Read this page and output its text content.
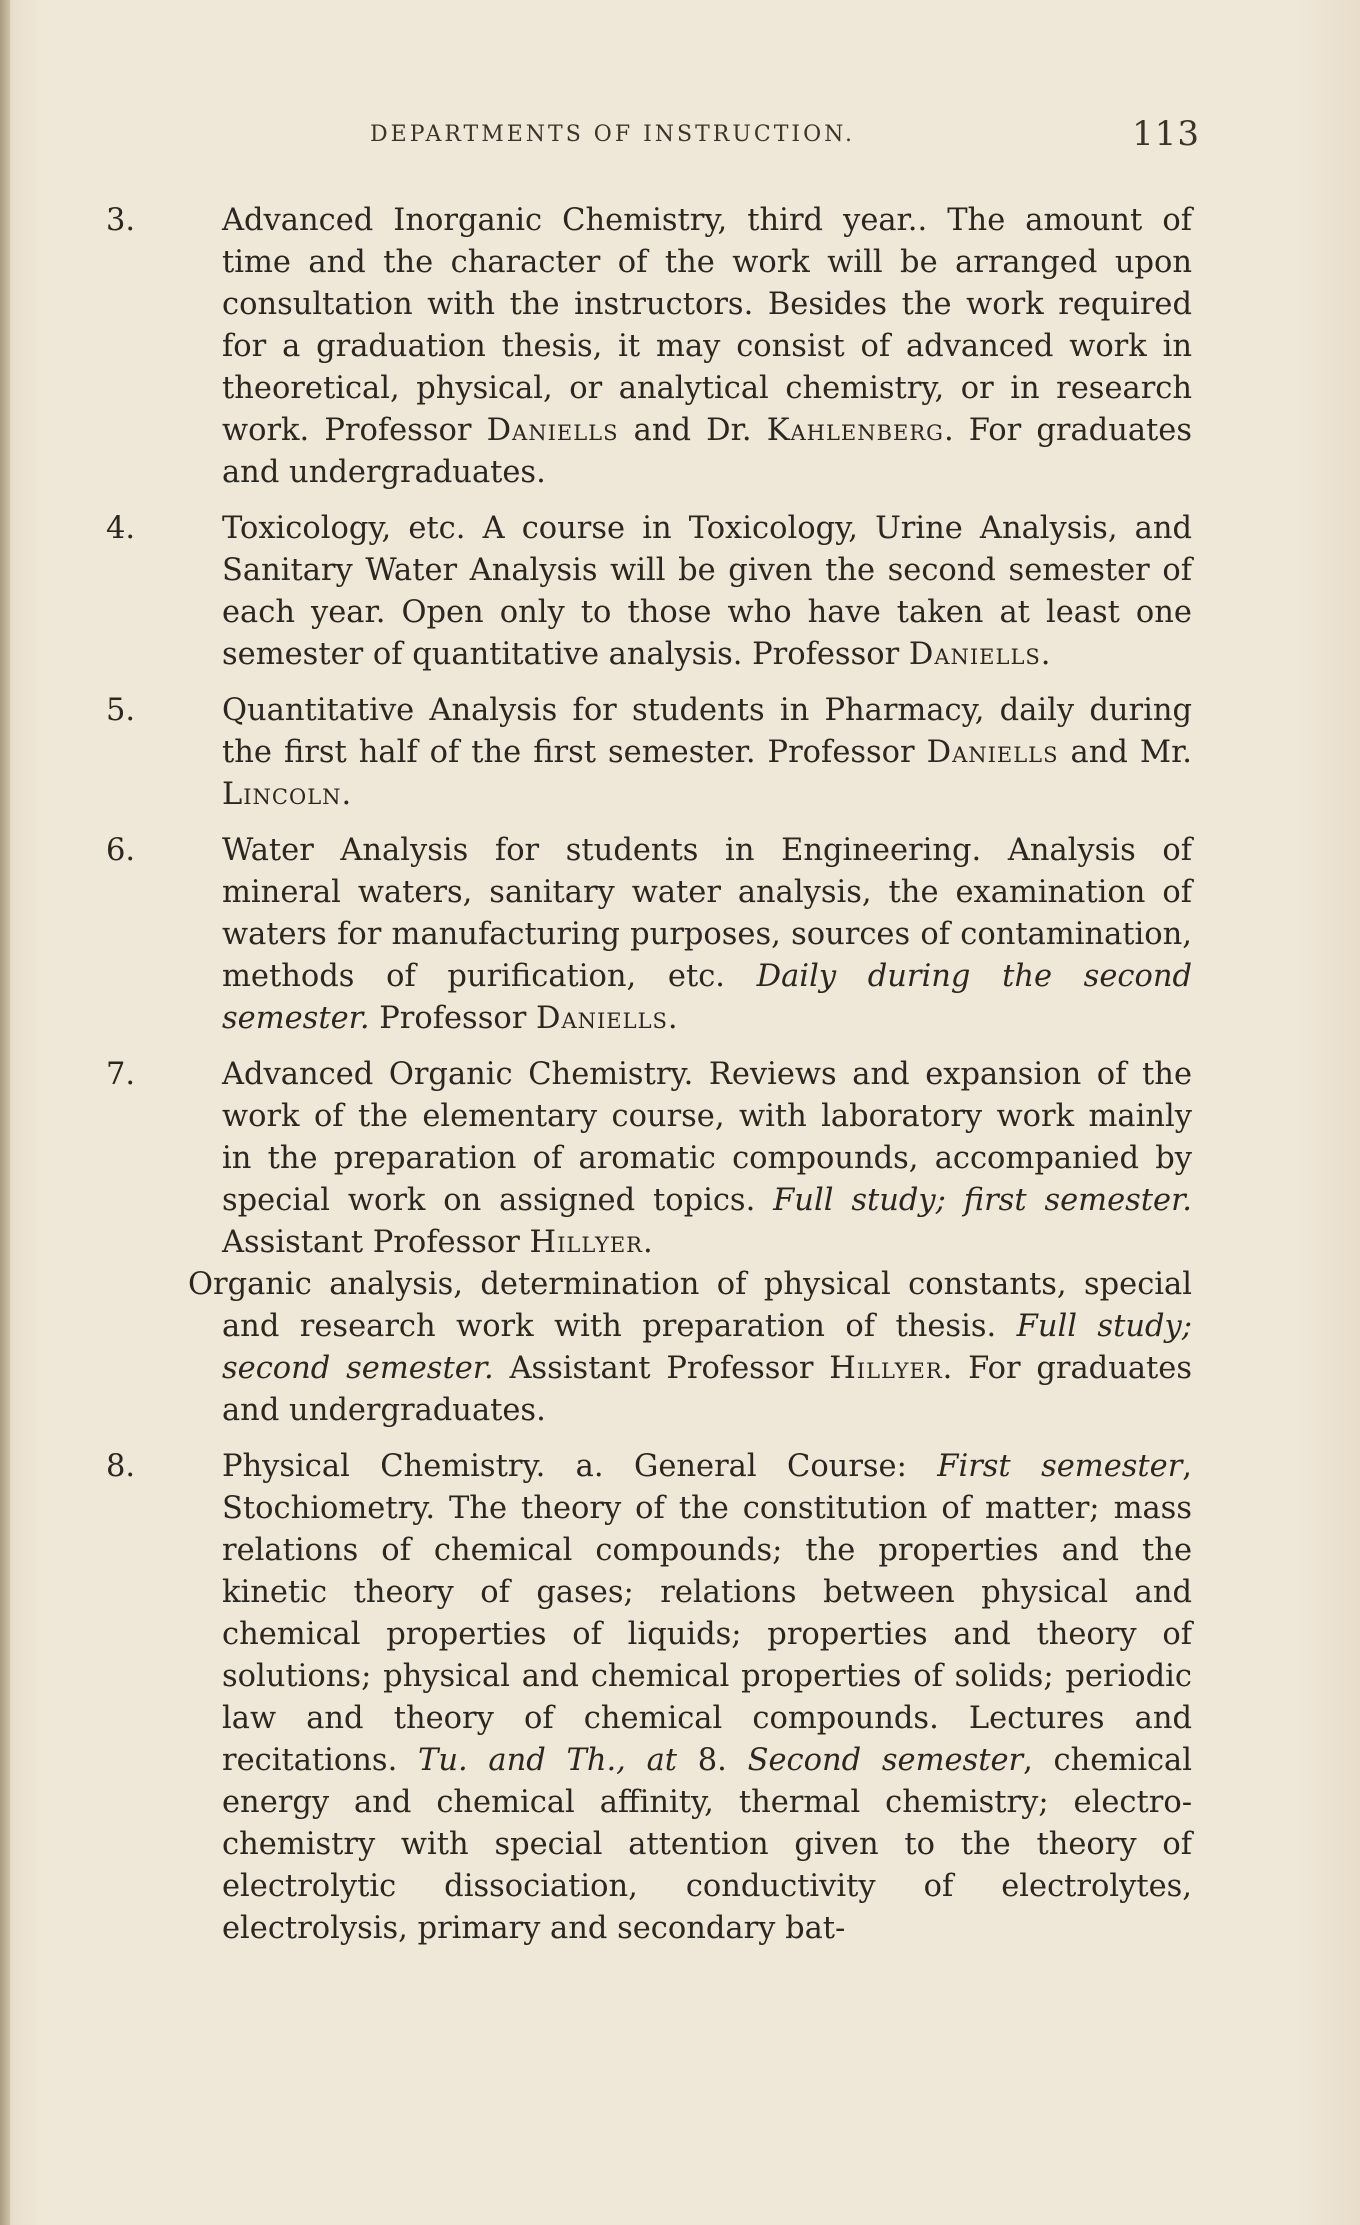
DEPARTMENTS OF INSTRUCTION.	113
3.	Advanced Inorganic Chemistry, third year.. The amount of time and the character of the work will be arranged upon consultation with the instructors. Besides the work required for a graduation thesis, it may consist of advanced work in theoretical, physical, or analytical chemistry, or in research work. Professor Daniells and Dr. Kahlenberg. For graduates and undergraduates.

4.	Toxicology, etc. A course in Toxicology, Urine Analysis, and Sanitary Water Analysis will be given the second semester of each year. Open only to those who have taken at least one semester of quantitative analysis. Professor Daniells.

5.	Quantitative Analysis for students in Pharmacy, daily during the first half of the first semester. Professor Daniells and Mr. Lincoln.

6.	Water Analysis for students in Engineering. Analysis of mineral waters, sanitary water analysis, the examination of waters for manufacturing purposes, sources of contamination, methods of purification, etc. Daily during the second semester. Professor Daniells.

7.	Advanced Organic Chemistry. Reviews and expansion of the work of the elementary course, with laboratory work mainly in the preparation of aromatic compounds, accompanied by special work on assigned topics. Full study; first semester. Assistant Professor Hillyer.

Organic analysis, determination of physical constants, special and research work with preparation of thesis. Full study; second semester. Assistant Professor Hillyer. For graduates and undergraduates.

8.	Physical Chemistry. a. General Course: First semester, Stochiometry. The theory of the constitution of matter; mass relations of chemical compounds; the properties and the kinetic theory of gases; relations between physical and chemical properties of liquids; properties and theory of solutions; physical and chemical properties of solids; periodic law and theory of chemical compounds. Lectures and recitations. Tu. and Th., at 8. Second semester, chemical energy and chemical affinity, thermal chemistry; electro-chemistry with special attention given to the theory of electrolytic dissociation, conductivity of electrolytes, electrolysis, primary and secondary bat-
